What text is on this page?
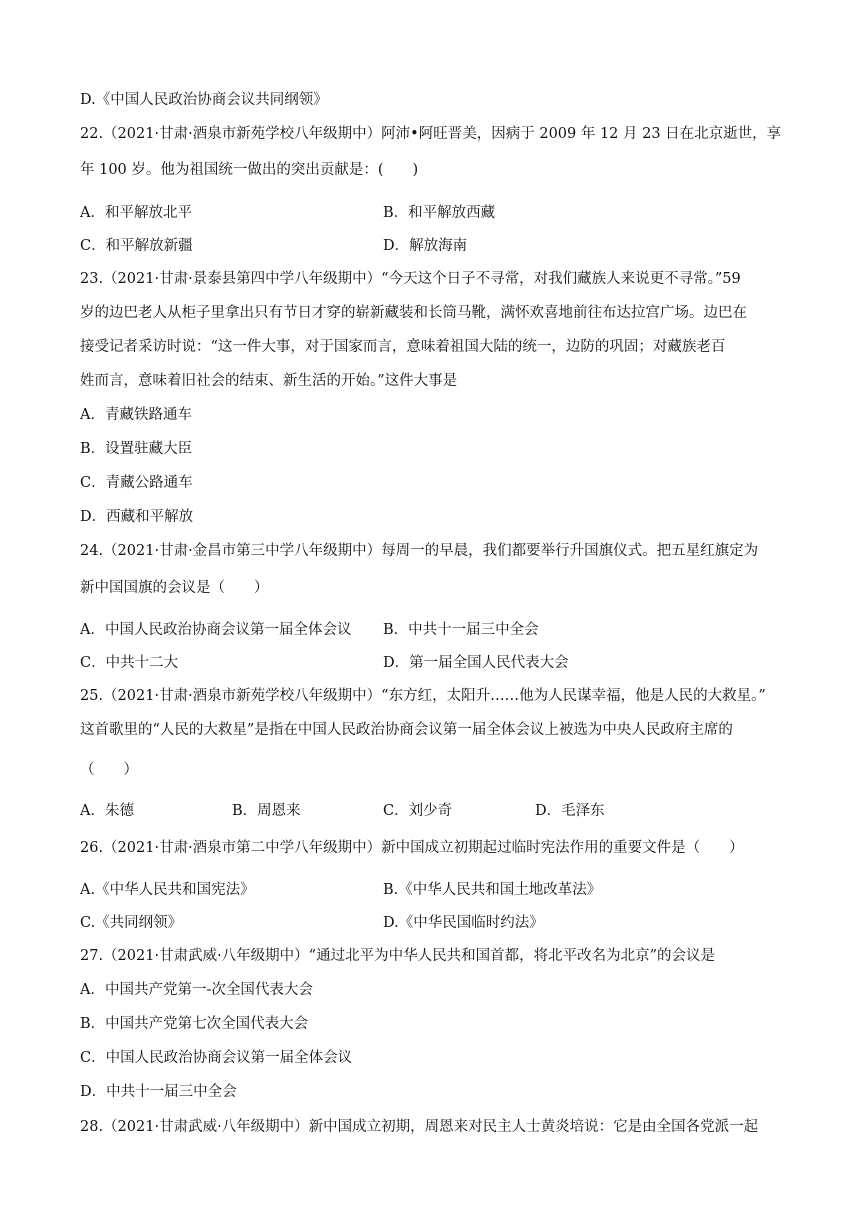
D.《中国人民政治协商会议共同纲领》
22.（2021·甘肃·酒泉市新苑学校八年级期中）阿沛•阿旺晋美，因病于 2009 年 12 月 23 日在北京逝世，享
年 100 岁。他为祖国统一做出的突出贡献是：(　　)
A．和平解放北平	B．和平解放西藏
C．和平解放新疆	D．解放海南
23.（2021·甘肃·景泰县第四中学八年级期中）“今天这个日子不寻常，对我们藏族人来说更不寻常。”59
岁的边巴老人从柜子里拿出只有节日才穿的崭新藏装和长筒马靴，满怀欢喜地前往布达拉宫广场。边巴在
接受记者采访时说：“这一件大事，对于国家而言，意味着祖国大陆的统一，边防的巩固；对藏族老百
姓而言，意味着旧社会的结束、新生活的开始。”这件大事是
A．青藏铁路通车
B．设置驻藏大臣
C．青藏公路通车
D．西藏和平解放
24.（2021·甘肃·金昌市第三中学八年级期中）每周一的早晨，我们都要举行升国旗仪式。把五星红旗定为
新中国国旗的会议是（　　）
A．中国人民政治协商会议第一届全体会议 B．中共十一届三中全会
C．中共十二大	D．第一届全国人民代表大会
25.（2021·甘肃·酒泉市新苑学校八年级期中）“东方红，太阳升……他为人民谋幸福，他是人民的大救星。”
这首歌里的“人民的大救星”是指在中国人民政治协商会议第一届全体会议上被选为中央人民政府主席的
（　　）
A．朱德	B．周恩来	C．刘少奇	D．毛泽东
26.（2021·甘肃·酒泉市第二中学八年级期中）新中国成立初期起过临时宪法作用的重要文件是（　　）
A.《中华人民共和国宪法》	B.《中华人民共和国土地改革法》
C.《共同纲领》	D.《中华民国临时约法》
27.（2021·甘肃武威·八年级期中）“通过北平为中华人民共和国首都，将北平改名为北京”的会议是
A．中国共产党第一-次全国代表大会
B．中国共产党第七次全国代表大会
C．中国人民政治协商会议第一届全体会议
D．中共十一届三中全会
28.（2021·甘肃武威·八年级期中）新中国成立初期，周恩来对民主人士黄炎培说：它是由全国各党派一起
